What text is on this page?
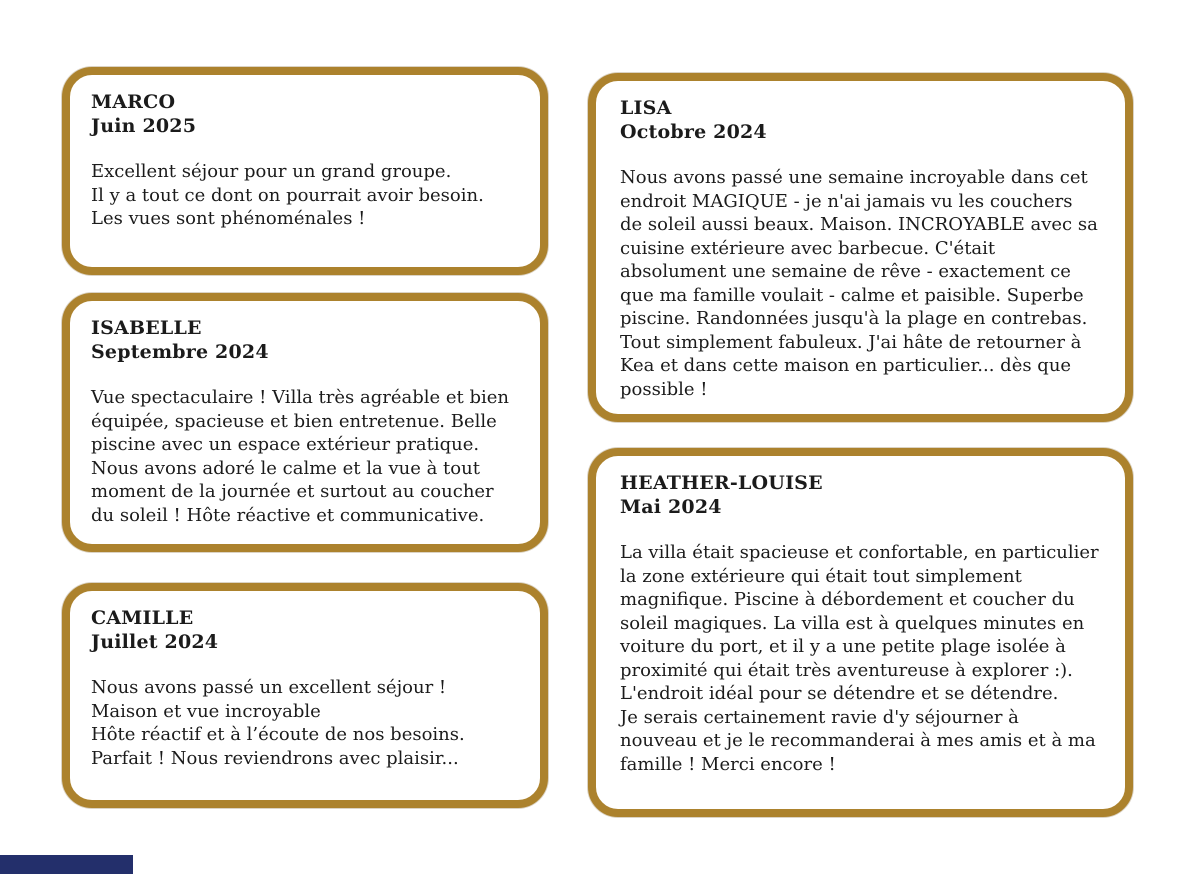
MARCO
Juin 2025
Excellent séjour pour un grand groupe.
Il y a tout ce dont on pourrait avoir besoin. Les vues sont phénoménales !
ISABELLE
Septembre 2024
Vue spectaculaire ! Villa très agréable et bien équipée, spacieuse et bien entretenue. Belle piscine avec un espace extérieur pratique. Nous avons adoré le calme et la vue à tout moment de la journée et surtout au coucher du soleil ! Hôte réactive et communicative.
CAMILLE
Juillet 2024
Nous avons passé un excellent séjour !
Maison et vue incroyable
Hôte réactif et à l’écoute de nos besoins.
Parfait ! Nous reviendrons avec plaisir...
LISA
Octobre 2024
Nous avons passé une semaine incroyable dans cet endroit MAGIQUE - je n'ai jamais vu les couchers de soleil aussi beaux. Maison. INCROYABLE avec sa cuisine extérieure avec barbecue. C'était absolument une semaine de rêve - exactement ce que ma famille voulait - calme et paisible. Superbe piscine. Randonnées jusqu'à la plage en contrebas. Tout simplement fabuleux. J'ai hâte de retourner à Kea et dans cette maison en particulier... dès que possible !
HEATHER-LOUISE
Mai 2024
La villa était spacieuse et confortable, en particulier la zone extérieure qui était tout simplement magnifique. Piscine à débordement et coucher du soleil magiques. La villa est à quelques minutes en voiture du port, et il y a une petite plage isolée à proximité qui était très aventureuse à explorer :). L'endroit idéal pour se détendre et se détendre.
Je serais certainement ravie d'y séjourner à nouveau et je le recommanderai à mes amis et à ma famille ! Merci encore !
